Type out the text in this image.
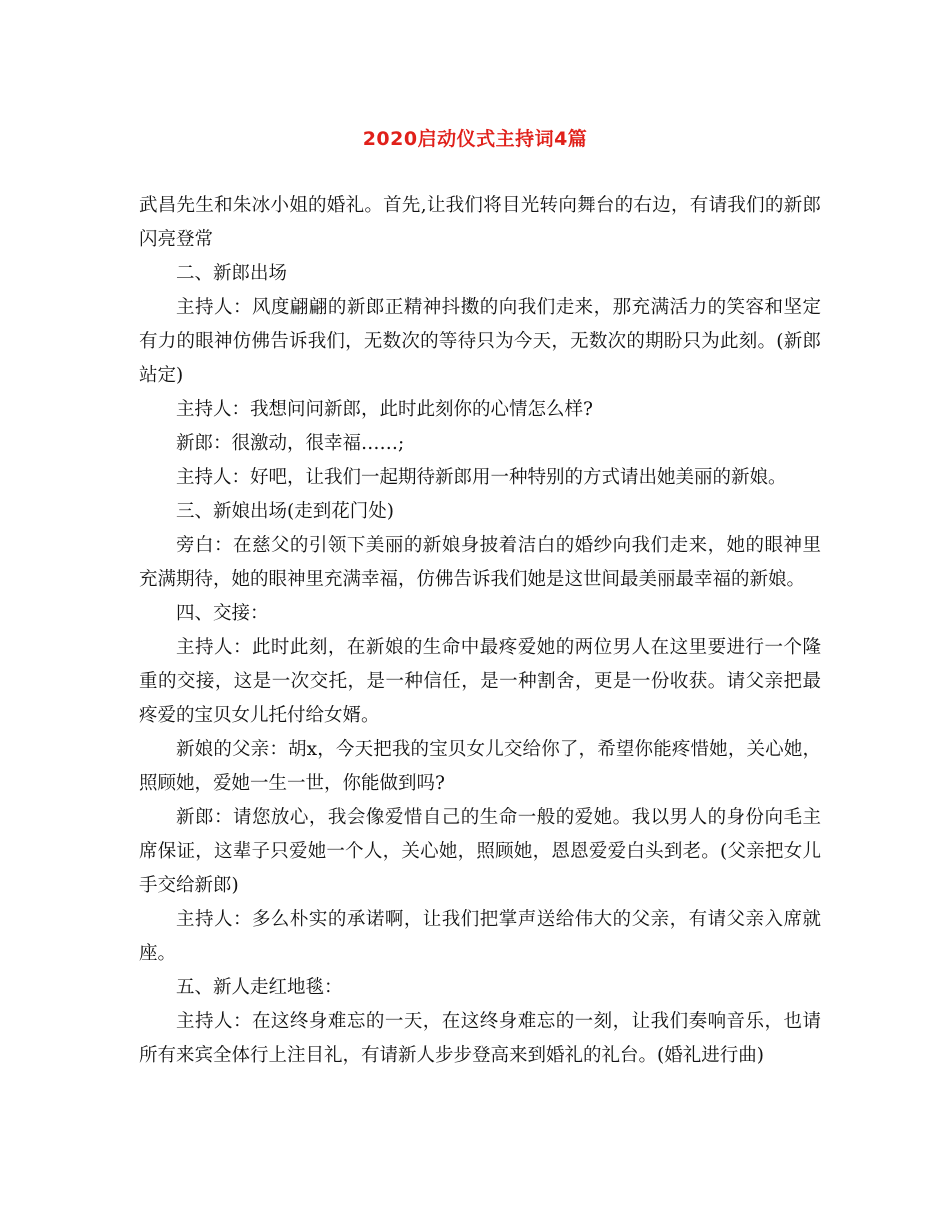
2020启动仪式主持词4篇

武昌先生和朱冰小姐的婚礼。首先,让我们将目光转向舞台的右边，有请我们的新郎闪亮登常

二、新郎出场

主持人：风度翩翩的新郎正精神抖擞的向我们走来，那充满活力的笑容和坚定有力的眼神仿佛告诉我们，无数次的等待只为今天，无数次的期盼只为此刻。(新郎站定)

主持人：我想问问新郎，此时此刻你的心情怎么样?

新郎：很激动，很幸福……;

主持人：好吧，让我们一起期待新郎用一种特别的方式请出她美丽的新娘。

三、新娘出场(走到花门处)

旁白：在慈父的引领下美丽的新娘身披着洁白的婚纱向我们走来，她的眼神里充满期待，她的眼神里充满幸福，仿佛告诉我们她是这世间最美丽最幸福的新娘。

四、交接：

主持人：此时此刻，在新娘的生命中最疼爱她的两位男人在这里要进行一个隆重的交接，这是一次交托，是一种信任，是一种割舍，更是一份收获。请父亲把最疼爱的宝贝女儿托付给女婿。

新娘的父亲：胡x，今天把我的宝贝女儿交给你了，希望你能疼惜她，关心她，照顾她，爱她一生一世，你能做到吗?

新郎：请您放心，我会像爱惜自己的生命一般的爱她。我以男人的身份向毛主席保证，这辈子只爱她一个人，关心她，照顾她，恩恩爱爱白头到老。(父亲把女儿手交给新郎)

主持人：多么朴实的承诺啊，让我们把掌声送给伟大的父亲，有请父亲入席就座。

五、新人走红地毯：

主持人：在这终身难忘的一天，在这终身难忘的一刻，让我们奏响音乐，也请所有来宾全体行上注目礼，有请新人步步登高来到婚礼的礼台。(婚礼进行曲)
